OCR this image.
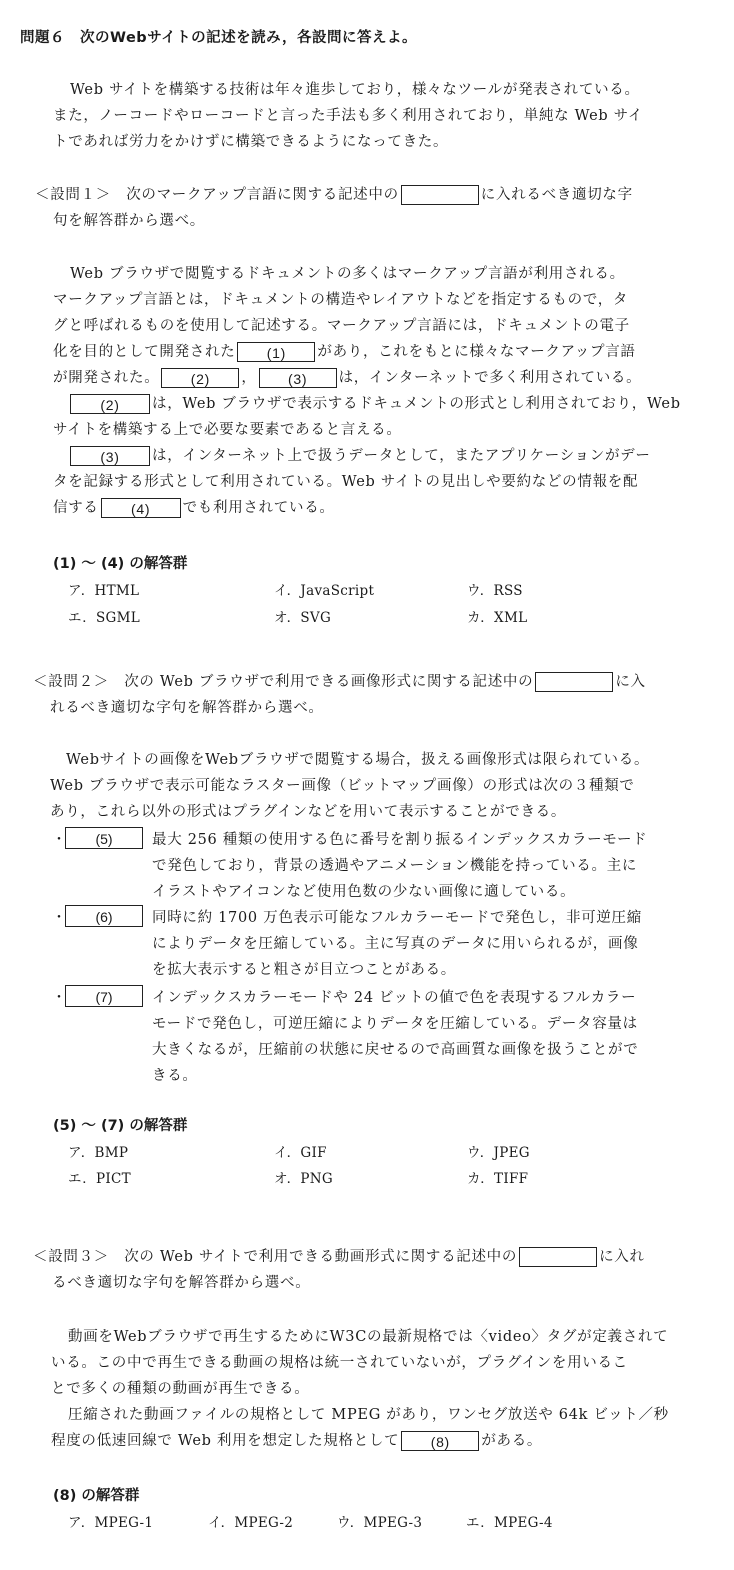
問題６　次のWebサイトの記述を読み，各設問に答えよ。
Web サイトを構築する技術は年々進歩しており，様々なツールが発表されている。
また，ノーコードやローコードと言った手法も多く利用されており，単純な Web サイ
トであれば労力をかけずに構築できるようになってきた。
＜設問１＞　次のマークアップ言語に関する記述中の	に入れるべき適切な字
句を解答群から選べ。
Web ブラウザで閲覧するドキュメントの多くはマークアップ言語が利用される。
マークアップ言語とは，ドキュメントの構造やレイアウトなどを指定するもので，タ
グと呼ばれるものを使用して記述する。マークアップ言語には，ドキュメントの電子
化を目的として開発された (1) があり，これをもとに様々なマークアップ言語
が開発された。 (2) ， (3) は，インターネットで多く利用されている。
(2) は，Web ブラウザで表示するドキュメントの形式とし利用されており，Web
サイトを構築する上で必要な要素であると言える。
(3) は，インターネット上で扱うデータとして，またアプリケーションがデー
タを記録する形式として利用されている。Web サイトの見出しや要約などの情報を配
信する (4) でも利用されている。
(1) ～ (4) の解答群
ア．HTML	イ．JavaScript	ウ．RSS
エ．SGML	オ．SVG	カ．XML
＜設問２＞　次の Web ブラウザで利用できる画像形式に関する記述中の	に入
れるべき適切な字句を解答群から選べ。
Webサイトの画像をWebブラウザで閲覧する場合，扱える画像形式は限られている。
Web ブラウザで表示可能なラスター画像（ビットマップ画像）の形式は次の３種類で
あり，これら以外の形式はプラグインなどを用いて表示することができる。
・	(5)	最大 256 種類の使用する色に番号を割り振るインデックスカラーモード
で発色しており，背景の透過やアニメーション機能を持っている。主に
イラストやアイコンなど使用色数の少ない画像に適している。
・	(6)	同時に約 1700 万色表示可能なフルカラーモードで発色し，非可逆圧縮
によりデータを圧縮している。主に写真のデータに用いられるが，画像
を拡大表示すると粗さが目立つことがある。
・	(7)	インデックスカラーモードや 24 ビットの値で色を表現するフルカラー
モードで発色し，可逆圧縮によりデータを圧縮している。データ容量は
大きくなるが，圧縮前の状態に戻せるので高画質な画像を扱うことがで
きる。
(5) ～ (7) の解答群
ア．BMP	イ．GIF	ウ．JPEG
エ．PICT	オ．PNG	カ．TIFF
＜設問３＞　次の Web サイトで利用できる動画形式に関する記述中の	に入れ
るべき適切な字句を解答群から選べ。
動画をWebブラウザで再生するためにW3Cの最新規格では〈video〉タグが定義されて
いる。この中で再生できる動画の規格は統一されていないが，プラグインを用いるこ
とで多くの種類の動画が再生できる。
圧縮された動画ファイルの規格として MPEG があり，ワンセグ放送や 64k ビット／秒
程度の低速回線で Web 利用を想定した規格として (8) がある。
(8) の解答群
ア．MPEG-1	イ．MPEG-2	ウ．MPEG-3	エ．MPEG-4
